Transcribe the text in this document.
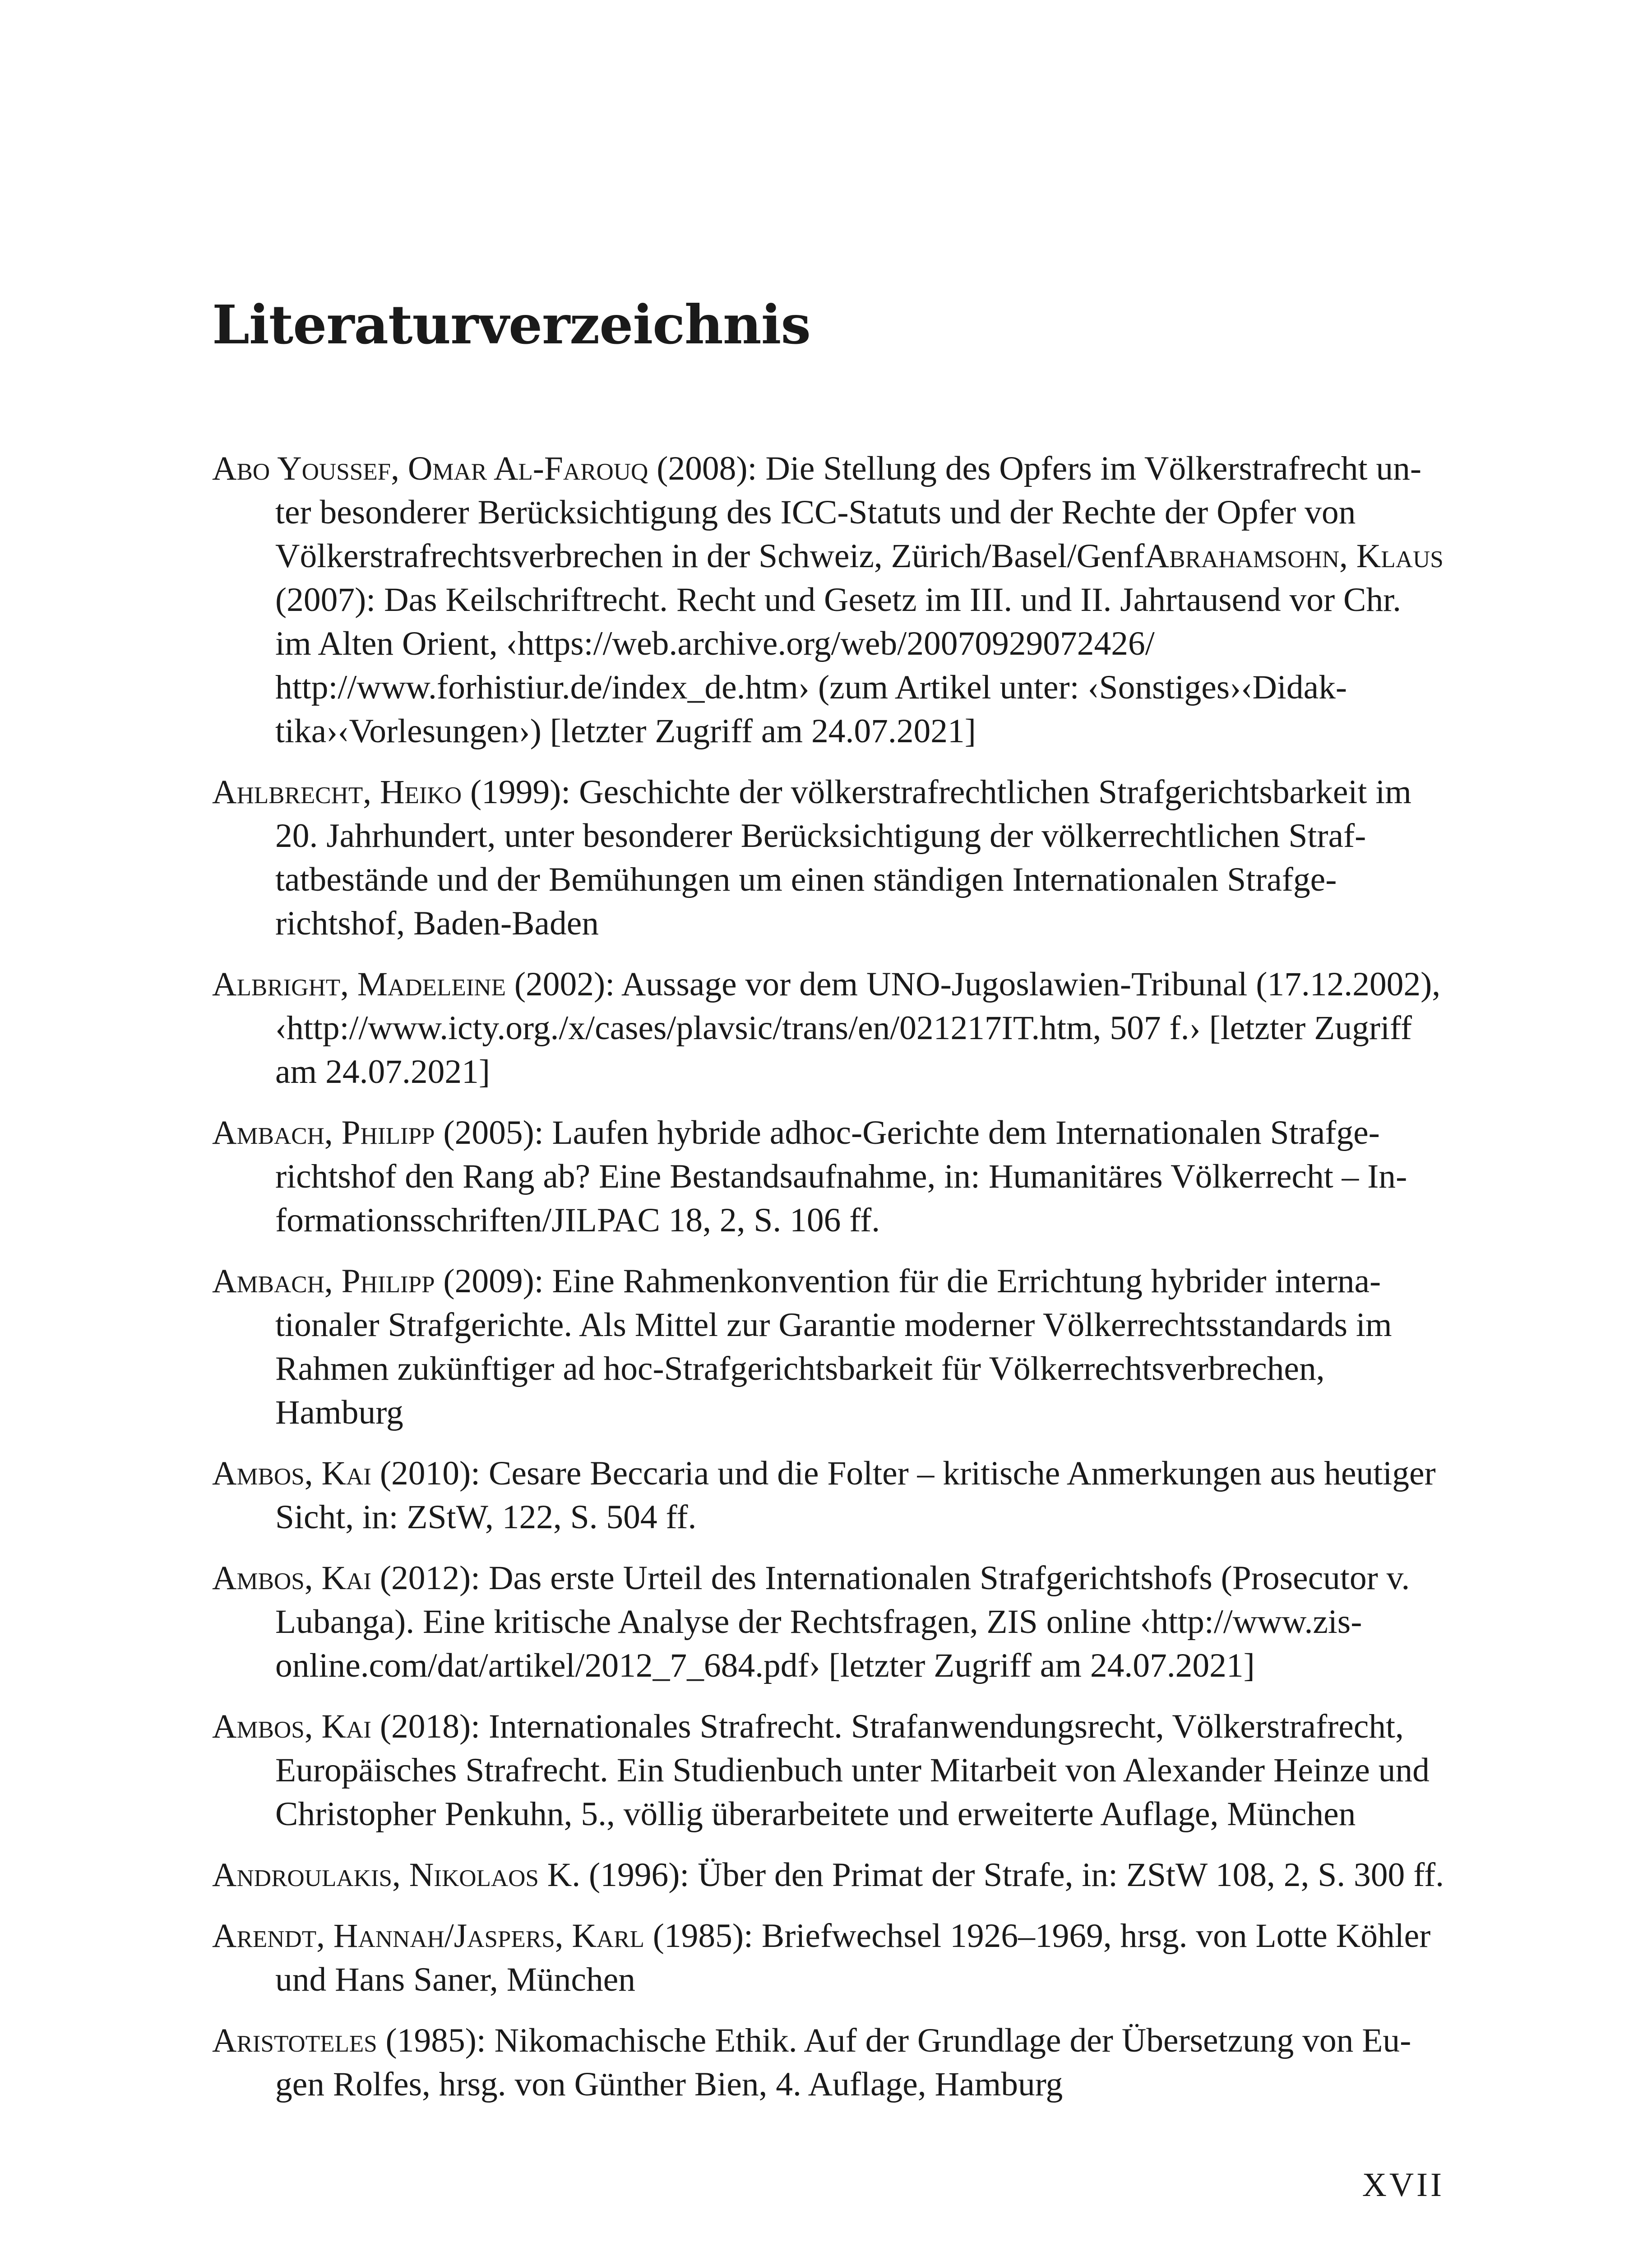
Literaturverzeichnis

Abo Youssef, Omar Al-Farouq (2008): Die Stellung des Opfers im Völkerstrafrecht unter besonderer Berücksichtigung des ICC-Statuts und der Rechte der Opfer von Völkerstrafrechtsverbrechen in der Schweiz, Zürich/Basel/GenfAbrahamsohn, Klaus (2007): Das Keilschriftrecht. Recht und Gesetz im III. und II. Jahrtausend vor Chr. im Alten Orient, ‹https://web.archive.org/web/20070929072426/ http://www.forhistiur.de/index_de.htm› (zum Artikel unter: ‹Sonstiges›‹Didaktika›‹Vorlesungen›) [letzter Zugriff am 24.07.2021]

Ahlbrecht, Heiko (1999): Geschichte der völkerstrafrechtlichen Strafgerichtsbarkeit im 20. Jahrhundert, unter besonderer Berücksichtigung der völkerrechtlichen Straftatbestände und der Bemühungen um einen ständigen Internationalen Strafgerichtshof, Baden-Baden

Albright, Madeleine (2002): Aussage vor dem UNO-Jugoslawien-Tribunal (17.12.2002), ‹http://www.icty.org./x/cases/plavsic/trans/en/021217IT.htm, 507 f.› [letzter Zugriff am 24.07.2021]

Ambach, Philipp (2005): Laufen hybride adhoc-Gerichte dem Internationalen Strafgerichtshof den Rang ab? Eine Bestandsaufnahme, in: Humanitäres Völkerrecht – Informationsschriften/JILPAC 18, 2, S. 106 ff.

Ambach, Philipp (2009): Eine Rahmenkonvention für die Errichtung hybrider internationaler Strafgerichte. Als Mittel zur Garantie moderner Völkerrechtsstandards im Rahmen zukünftiger ad hoc-Strafgerichtsbarkeit für Völkerrechtsverbrechen, Hamburg

Ambos, Kai (2010): Cesare Beccaria und die Folter – kritische Anmerkungen aus heutiger Sicht, in: ZStW, 122, S. 504 ff.

Ambos, Kai (2012): Das erste Urteil des Internationalen Strafgerichtshofs (Prosecutor v. Lubanga). Eine kritische Analyse der Rechtsfragen, ZIS online ‹http://www.zisonline.com/dat/artikel/2012_7_684.pdf› [letzter Zugriff am 24.07.2021]

Ambos, Kai (2018): Internationales Strafrecht. Strafanwendungsrecht, Völkerstrafrecht, Europäisches Strafrecht. Ein Studienbuch unter Mitarbeit von Alexander Heinze und Christopher Penkuhn, 5., völlig überarbeitete und erweiterte Auflage, München

Androulakis, Nikolaos K. (1996): Über den Primat der Strafe, in: ZStW 108, 2, S. 300 ff.

Arendt, Hannah/Jaspers, Karl (1985): Briefwechsel 1926–1969, hrsg. von Lotte Köhler und Hans Saner, München

Aristoteles (1985): Nikomachische Ethik. Auf der Grundlage der Übersetzung von Eugen Rolfes, hrsg. von Günther Bien, 4. Auflage, Hamburg

XVII
